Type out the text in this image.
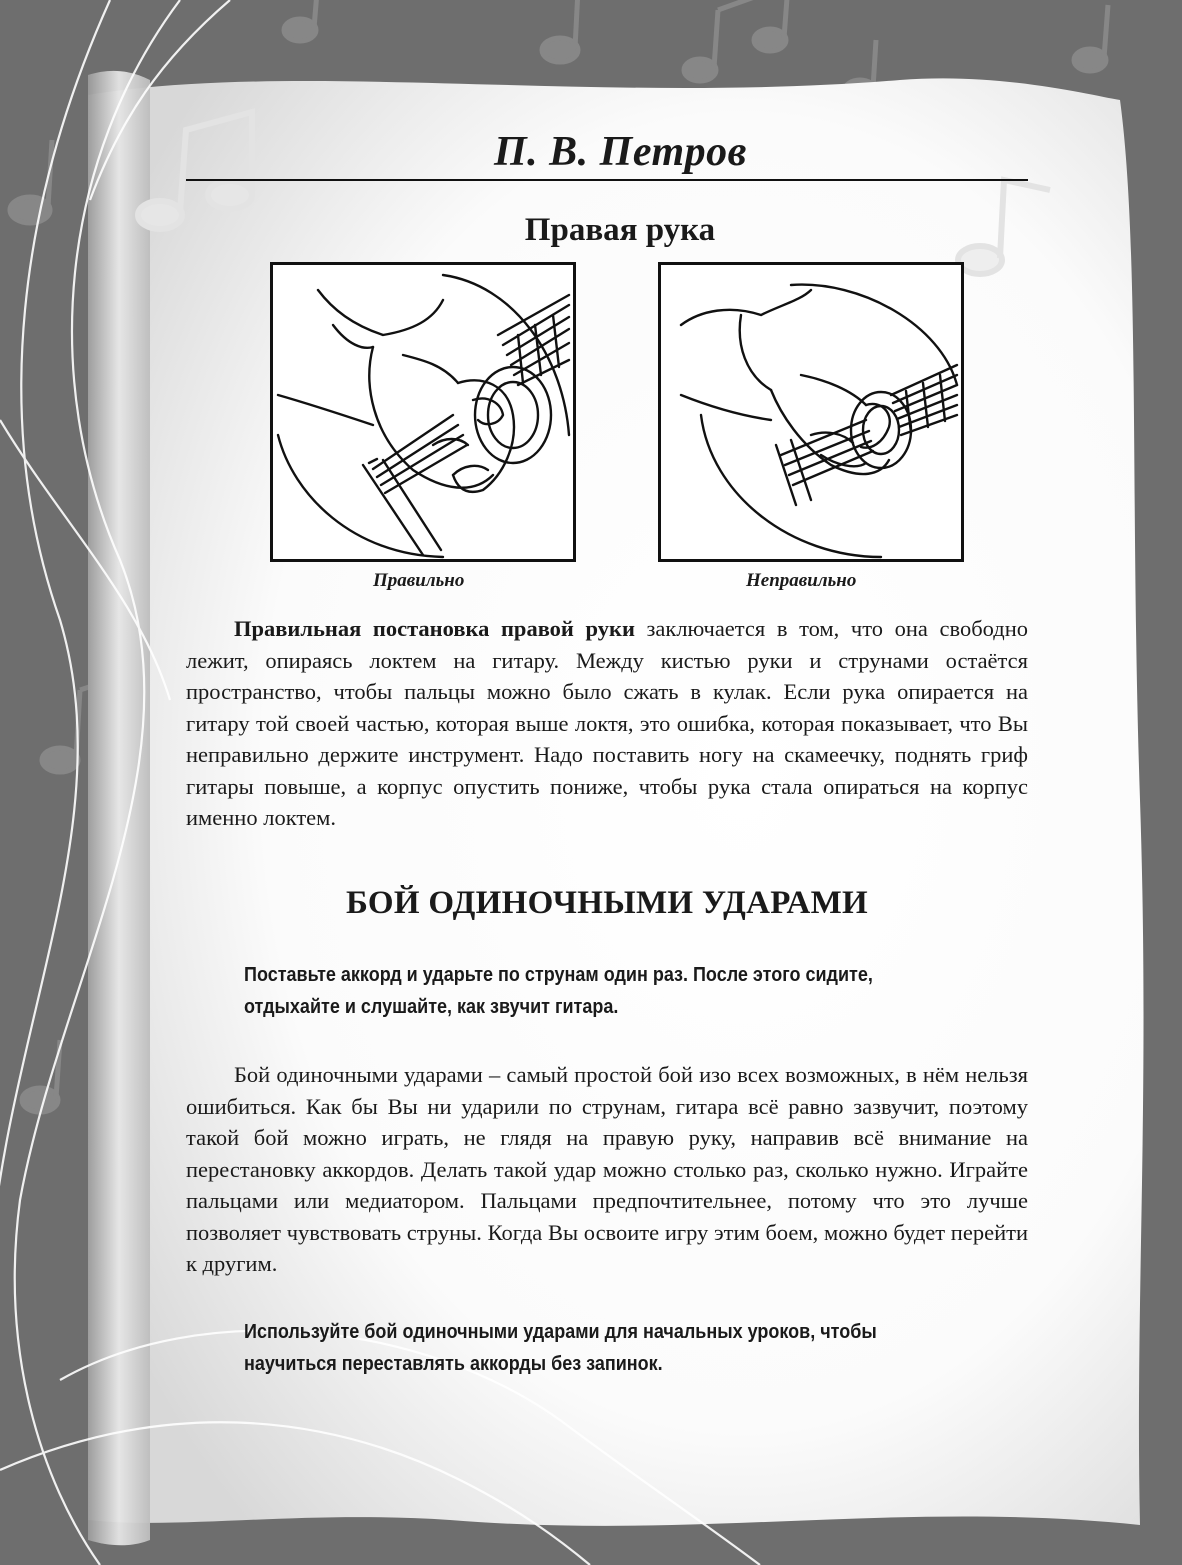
П. В. Петров
Правая рука
Правильно	Неправильно

Правильная постановка правой руки заключается в том, что она свободно лежит, опираясь локтем на гитару. Между кистью руки и струнами остаётся пространство, чтобы пальцы можно было сжать в кулак. Если рука опирается на гитару той своей частью, которая выше локтя, это ошибка, которая показывает, что Вы неправильно держите инструмент. Надо поставить ногу на скамеечку, поднять гриф гитары повыше, а корпус опустить пониже, чтобы рука стала опираться на корпус именно локтем.

БОЙ ОДИНОЧНЫМИ УДАРАМИ
Поставьте аккорд и ударьте по струнам один раз. После этого сидите, отдыхайте и слушайте, как звучит гитара.

Бой одиночными ударами – самый простой бой изо всех возможных, в нём нельзя ошибиться. Как бы Вы ни ударили по струнам, гитара всё равно зазвучит, поэтому такой бой можно играть, не глядя на правую руку, направив всё внимание на перестановку аккордов. Делать такой удар можно столько раз, сколько нужно. Играйте пальцами или медиатором. Пальцами предпочтительнее, потому что это лучше позволяет чувствовать струны. Когда Вы освоите игру этим боем, можно будет перейти к другим.

Используйте бой одиночными ударами для начальных уроков, чтобы научиться переставлять аккорды без запинок.
